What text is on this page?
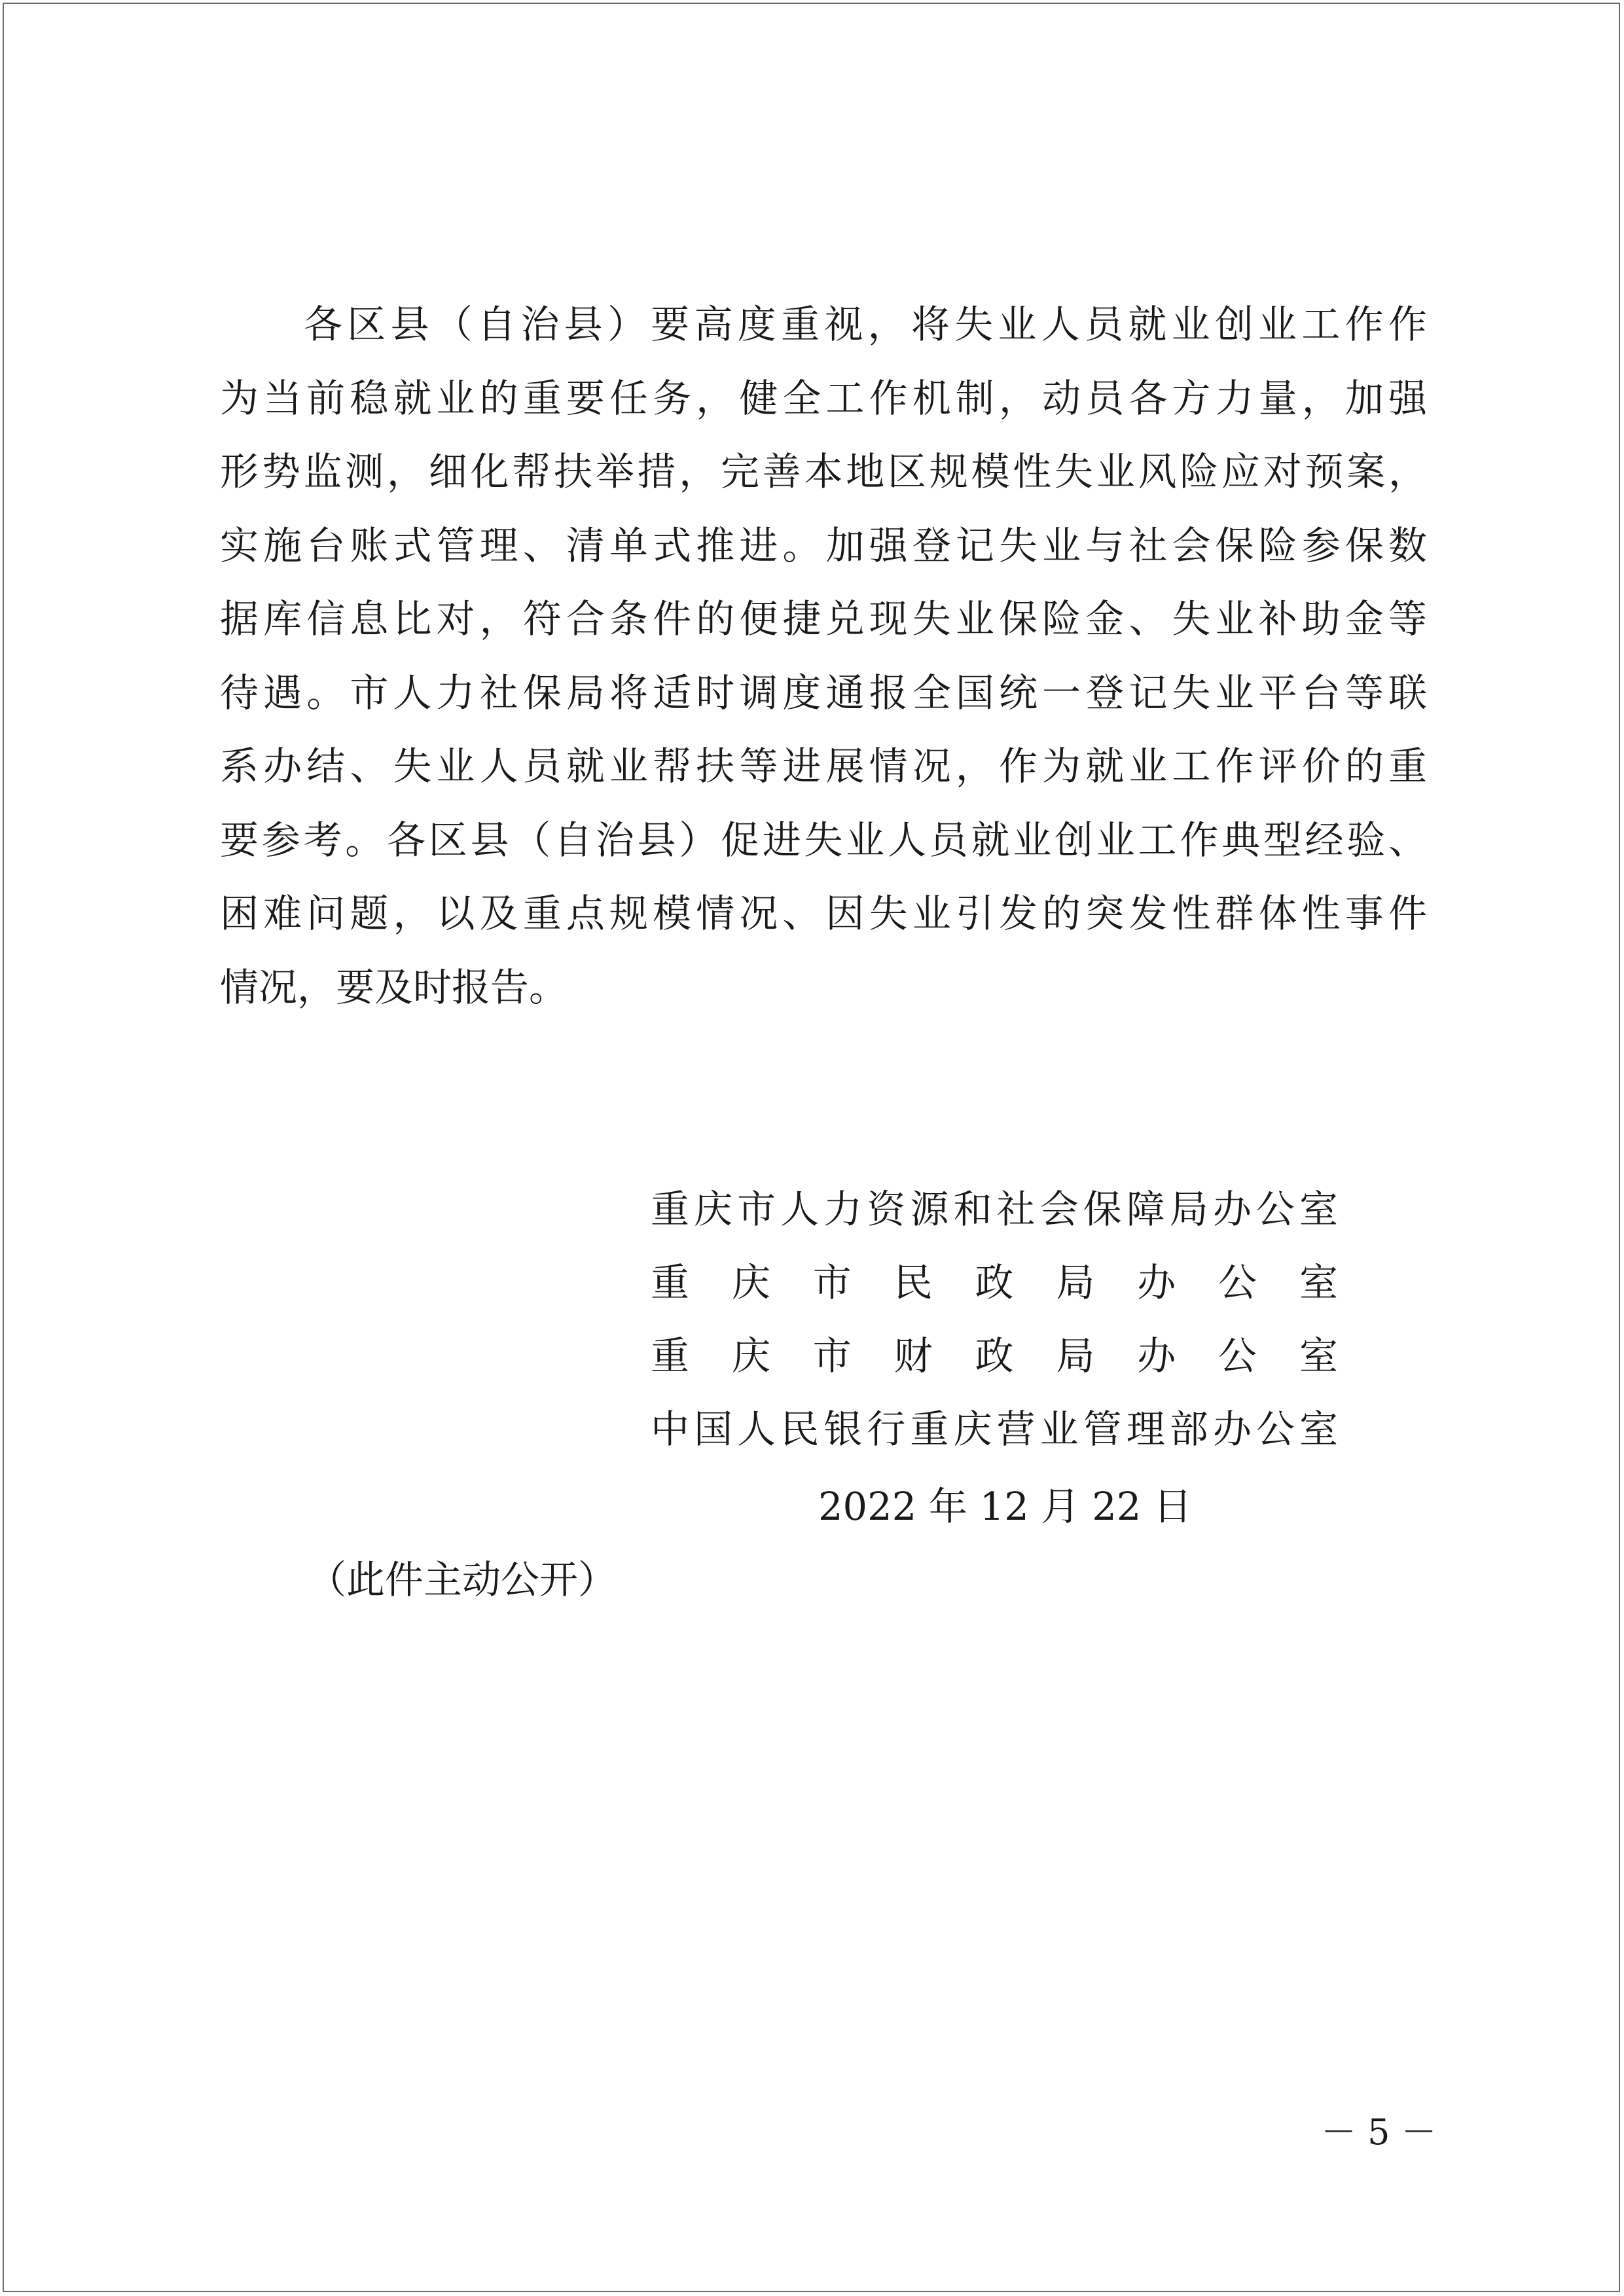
各区县（自治县）要高度重视，将失业人员就业创业工作作
为当前稳就业的重要任务，健全工作机制，动员各方力量，加强
形势监测，细化帮扶举措，完善本地区规模性失业风险应对预案，
实施台账式管理、清单式推进。加强登记失业与社会保险参保数
据库信息比对，符合条件的便捷兑现失业保险金、失业补助金等
待遇。市人力社保局将适时调度通报全国统一登记失业平台等联
系办结、失业人员就业帮扶等进展情况，作为就业工作评价的重
要参考。各区县（自治县）促进失业人员就业创业工作典型经验、
困难问题，以及重点规模情况、因失业引发的突发性群体性事件
情况，要及时报告。
重庆市人力资源和社会保障局办公室
重庆市民政局办公室
重庆市财政局办公室
中国人民银行重庆营业管理部办公室
2022 年 12 月 22 日
（此件主动公开）
－ 5 －
